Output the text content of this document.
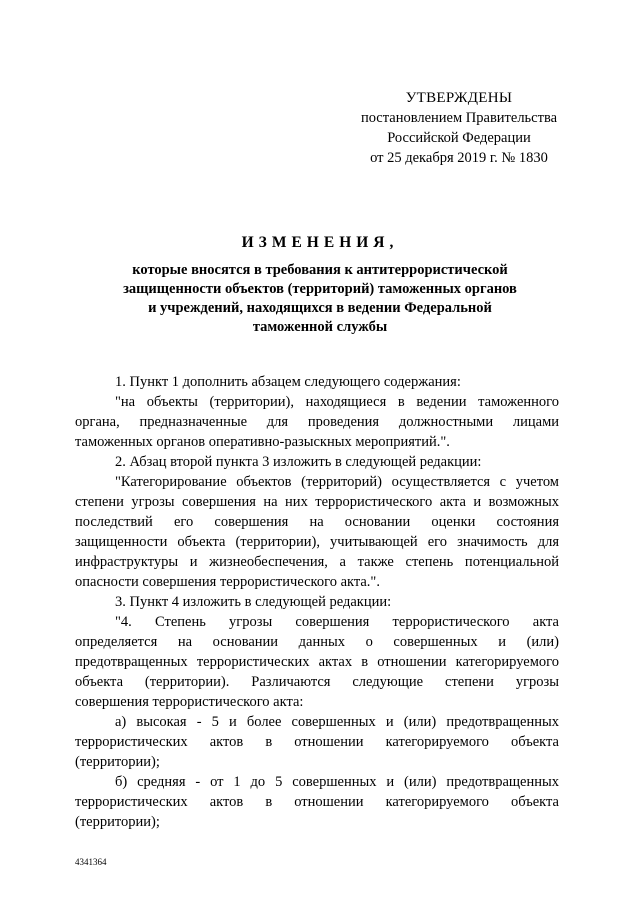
УТВЕРЖДЕНЫ
постановлением Правительства
Российской Федерации
от 25 декабря 2019 г. № 1830
ИЗМЕНЕНИЯ,
которые вносятся в требования к антитеррористической
защищенности объектов (территорий) таможенных органов
и учреждений, находящихся в ведении Федеральной
таможенной службы
1. Пункт 1 дополнить абзацем следующего содержания:
"на объекты (территории), находящиеся в ведении таможенного
органа, предназначенные для проведения должностными лицами
таможенных органов оперативно-разыскных мероприятий.".
2. Абзац второй пункта 3 изложить в следующей редакции:
"Категорирование объектов (территорий) осуществляется с учетом
степени угрозы совершения на них террористического акта и возможных
последствий его совершения на основании оценки состояния
защищенности объекта (территории), учитывающей его значимость для
инфраструктуры и жизнеобеспечения, а также степень потенциальной
опасности совершения террористического акта.".
3. Пункт 4 изложить в следующей редакции:
"4. Степень угрозы совершения террористического акта
определяется на основании данных о совершенных и (или)
предотвращенных террористических актах в отношении категорируемого
объекта (территории). Различаются следующие степени угрозы
совершения террористического акта:
а) высокая - 5 и более совершенных и (или) предотвращенных
террористических актов в отношении категорируемого объекта
(территории);
б) средняя - от 1 до 5 совершенных и (или) предотвращенных
террористических актов в отношении категорируемого объекта
(территории);
4341364
